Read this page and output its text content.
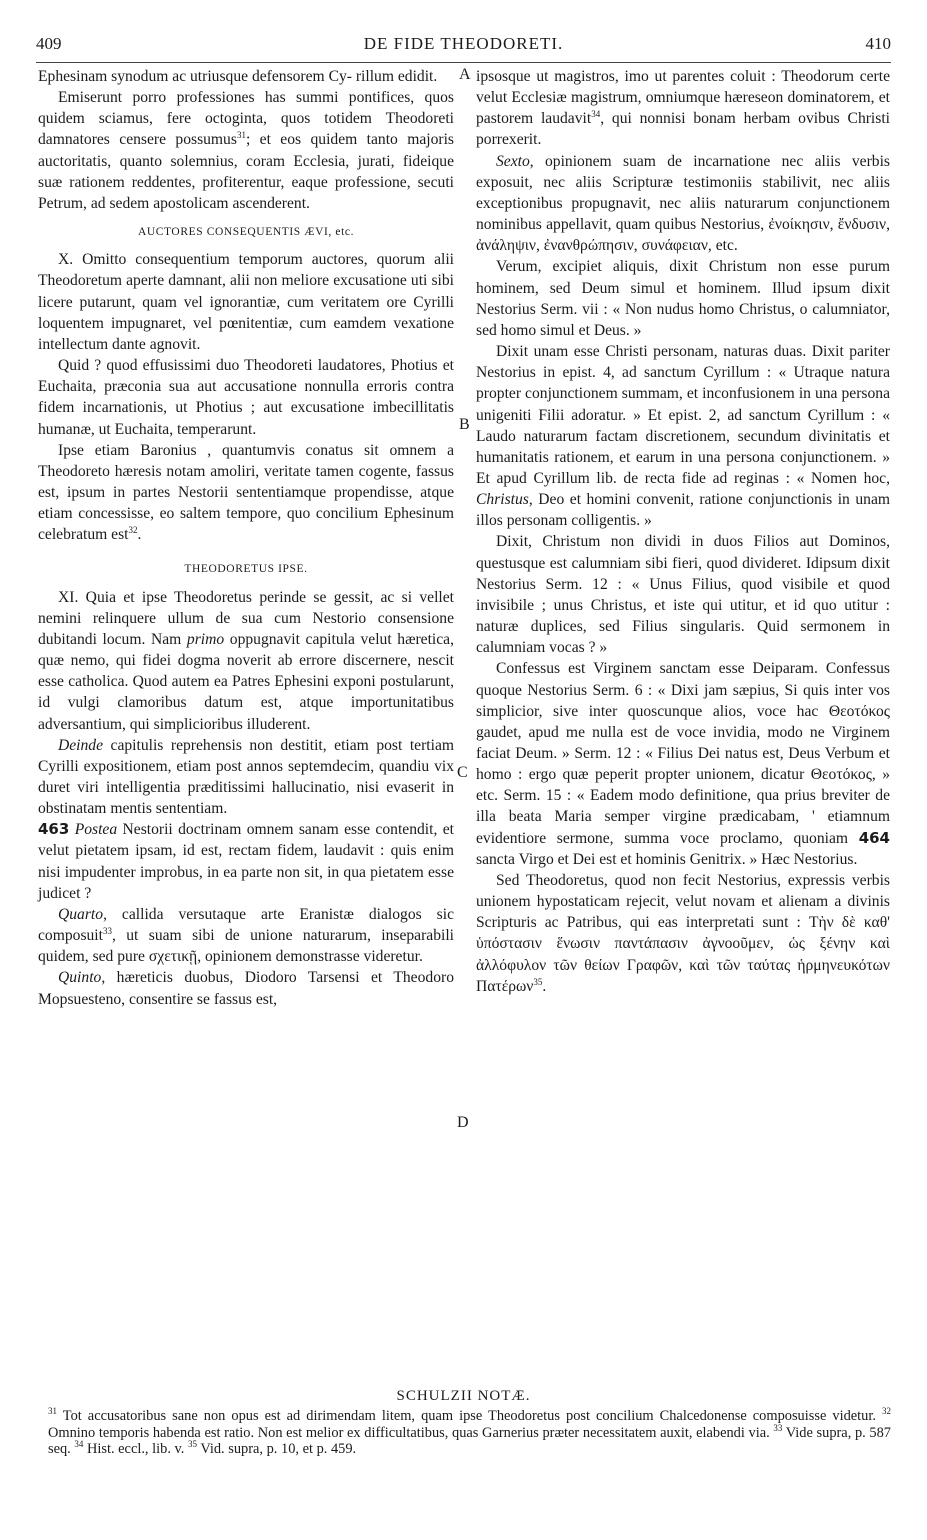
409	DE FIDE THEODORETI.	410

Ephesinam synodum ac utriusque defensorem Cy- rillum edidit.

Emiserunt porro professiones has summi pontifices, quos quidem sciamus, fere octoginta, quos totidem Theodoreti damnatores censere possumus$^{31}$; et eos quidem tanto majoris auctoritatis, quanto solemnius, coram Ecclesia, jurati, fideique suæ rationem reddentes, profiterentur, eaque professione, secuti Petrum, ad sedem apostolicam ascenderent.

AUCTORES CONSEQUENTIS ÆVI, etc.

X. Omitto consequentium temporum auctores, quorum alii Theodoretum aperte damnant, alii non meliore excusatione uti sibi licere putarunt, quam vel ignorantiæ, cum veritatem ore Cyrilli loquentem impugnaret, vel pœnitentiæ, cum eamdem vexatione intellectum dante agnovit.

Quid ? quod effusissimi duo Theodoreti laudatores, Photius et Euchaita, præconia sua aut accusatione nonnulla erroris contra fidem incarnationis, ut Photius ; aut excusatione imbecillitatis humanæ, ut Euchaita, temperarunt.

Ipse etiam Baronius , quantumvis conatus sit omnem a Theodoreto hæresis notam amoliri, veritate tamen cogente, fassus est, ipsum in partes Nestorii sententiamque propendisse, atque etiam concessisse, eo saltem tempore, quo concilium Ephesinum celebratum est$^{32}$.

THEODORETUS IPSE.

XI. Quia et ipse Theodoretus perinde se gessit, ac si vellet nemini relinquere ullum de sua cum Nestorio consensione dubitandi locum. Nam primo oppugnavit capitula velut hæretica, quæ nemo, qui fidei dogma noverit ab errore discernere, nescit esse catholica. Quod autem ea Patres Ephesini exponi postularunt, id vulgi clamoribus datum est, atque importunitatibus adversantium, qui simplicioribus illuderent.

Deinde capitulis reprehensis non destitit, etiam post tertiam Cyrilli expositionem, etiam post annos septemdecim, quandiu vix duret viri intelligentia præditissimi hallucinatio, nisi evaserit in obstinatam mentis sententiam.

463 Postea Nestorii doctrinam omnem sanam esse contendit, et velut pietatem ipsam, id est, rectam fidem, laudavit : quis enim nisi impudenter improbus, in ea parte non sit, in qua pietatem esse judicet ?

Quarto, callida versutaque arte Eranistæ dialogos sic composuit$^{33}$, ut suam sibi de unione naturarum, inseparabili quidem, sed pure σχετικῇ, opinionem demonstrasse videretur.

Quinto, hæreticis duobus, Diodoro Tarsensi et Theodoro Mopsuesteno, consentire se fassus est,

A
B
C
D

ipsosque ut magistros, imo ut parentes coluit : Theodorum certe velut Ecclesiæ magistrum, omniumque hæreseon dominatorem, et pastorem laudavit$^{34}$, qui nonnisi bonam herbam ovibus Christi porrexerit.

Sexto, opinionem suam de incarnatione nec aliis verbis exposuit, nec aliis Scripturæ testimoniis stabilivit, nec aliis exceptionibus propugnavit, nec aliis naturarum conjunctionem nominibus appellavit, quam quibus Nestorius, ἐνοίκησιν, ἔνδυσιν, ἀνάληψιν, ἐνανθρώπησιν, συνάφειαν, etc.

Verum, excipiet aliquis, dixit Christum non esse purum hominem, sed Deum simul et hominem. Illud ipsum dixit Nestorius Serm. vii : « Non nudus homo Christus, o calumniator, sed homo simul et Deus. »

Dixit unam esse Christi personam, naturas duas. Dixit pariter Nestorius in epist. 4, ad sanctum Cyrillum : « Utraque natura propter conjunctionem summam, et inconfusionem in una persona unigeniti Filii adoratur. » Et epist. 2, ad sanctum Cyrillum : « Laudo naturarum factam discretionem, secundum divinitatis et humanitatis rationem, et earum in una persona conjunctionem. » Et apud Cyrillum lib. de recta fide ad reginas : « Nomen hoc, Christus, Deo et homini convenit, ratione conjunctionis in unam illos personam colligentis. »

Dixit, Christum non dividi in duos Filios aut Dominos, questusque est calumniam sibi fieri, quod divideret. Idipsum dixit Nestorius Serm. 12 : « Unus Filius, quod visibile et quod invisibile ; unus Christus, et iste qui utitur, et id quo utitur : naturæ duplices, sed Filius singularis. Quid sermonem in calumniam vocas ? »

Confessus est Virginem sanctam esse Deiparam. Confessus quoque Nestorius Serm. 6 : « Dixi jam sæpius, Si quis inter vos simplicior, sive inter quoscunque alios, voce hac Θεοτόκος gaudet, apud me nulla est de voce invidia, modo ne Virginem faciat Deum. » Serm. 12 : « Filius Dei natus est, Deus Verbum et homo : ergo quæ peperit propter unionem, dicatur Θεοτόκος, » etc. Serm. 15 : « Eadem modo definitione, qua prius breviter de illa beata Maria semper virgine prædicabam, ' etiamnum evidentiore sermone, summa voce proclamo, quoniam 464 sancta Virgo et Dei est et hominis Genitrix. » Hæc Nestorius.

Sed Theodoretus, quod non fecit Nestorius, expressis verbis unionem hypostaticam rejecit, velut novam et alienam a divinis Scripturis ac Patribus, qui eas interpretati sunt : Τὴν δὲ καθ' ὑπόστασιν ἕνωσιν παντάπασιν ἀγνοοῦμεν, ὡς ξένην καὶ ἀλλόφυλον τῶν θείων Γραφῶν, καὶ τῶν ταύτας ἡρμηνευκότων Πατέρων$^{35}$.

SCHULZII NOTÆ.
$^{31}$ Tot accusatoribus sane non opus est ad dirimendam litem, quam ipse Theodoretus post concilium Chalcedonense composuisse videtur. $^{32}$ Omnino temporis habenda est ratio. Non est melior ex difficultatibus, quas Garnerius præter necessitatem auxit, elabendi via. $^{33}$ Vide supra, p. 587 seq. $^{34}$ Hist. eccl., lib. v. $^{35}$ Vid. supra, p. 10, et p. 459.
